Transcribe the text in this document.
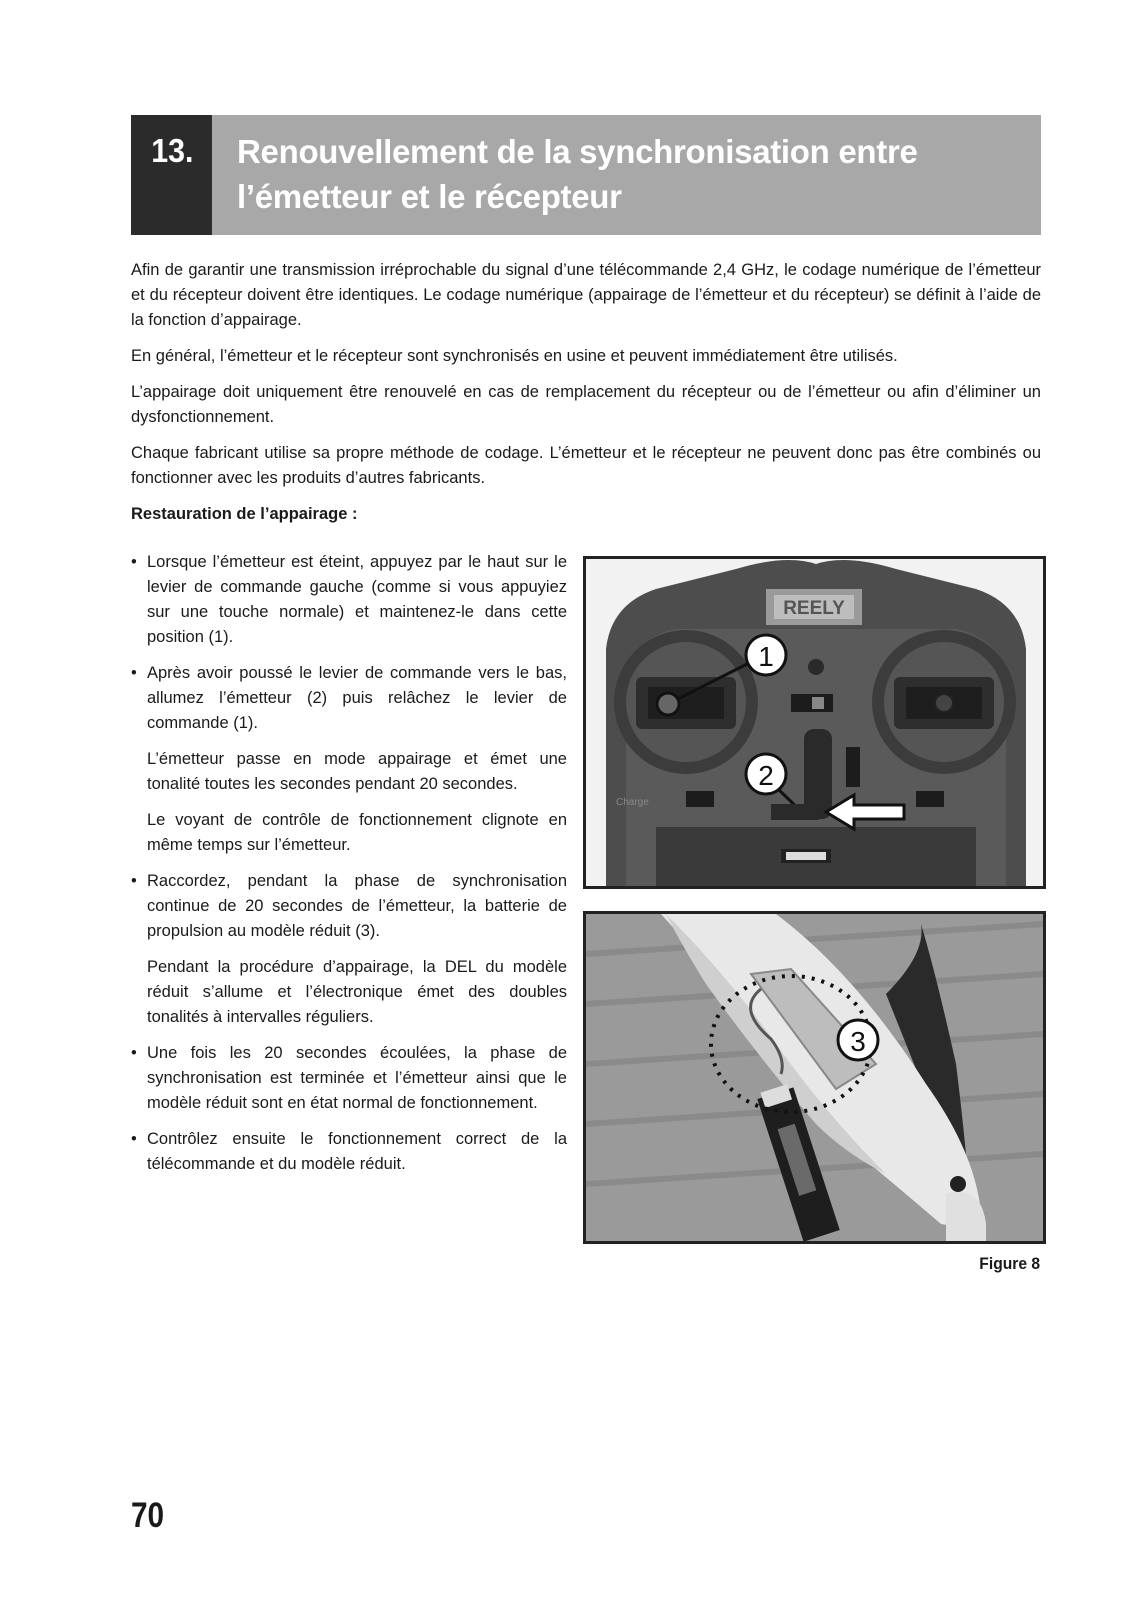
13.	Renouvellement de la synchronisation entre
l’émetteur et le récepteur

Afin de garantir une transmission irréprochable du signal d’une télécommande 2,4 GHz, le codage numérique de l’émetteur et du récepteur doivent être identiques. Le codage numérique (appairage de l’émetteur et du récepteur) se définit à l’aide de la fonction d’appairage.

En général, l’émetteur et le récepteur sont synchronisés en usine et peuvent immédiatement être utilisés.

L’appairage doit uniquement être renouvelé en cas de remplacement du récepteur ou de l’émetteur ou afin d’éliminer un dysfonctionnement.

Chaque fabricant utilise sa propre méthode de codage. L’émetteur et le récepteur ne peuvent donc pas être combinés ou fonctionner avec les produits d’autres fabricants.

Restauration de l’appairage :

• Lorsque l’émetteur est éteint, appuyez par le haut sur le levier de commande gauche (comme si vous appuyiez sur une touche normale) et maintenez-le dans cette position (1).

• Après avoir poussé le levier de commande vers le bas, allumez l’émetteur (2) puis relâchez le levier de commande (1).

L’émetteur passe en mode appairage et émet une tonalité toutes les secondes pendant 20 secondes.

Le voyant de contrôle de fonctionnement clignote en même temps sur l’émetteur.

• Raccordez, pendant la phase de synchronisation continue de 20 secondes de l’émetteur, la batterie de propulsion au modèle réduit (3).

Pendant la procédure d’appairage, la DEL du modèle réduit s’allume et l’électronique émet des doubles tonalités à intervalles réguliers.

• Une fois les 20 secondes écoulées, la phase de synchronisation est terminée et l’émetteur ainsi que le modèle réduit sont en état normal de fonctionnement.

• Contrôlez ensuite le fonctionnement correct de la télécommande et du modèle réduit.

REELY
Charge
1
2
3
Figure 8
70
